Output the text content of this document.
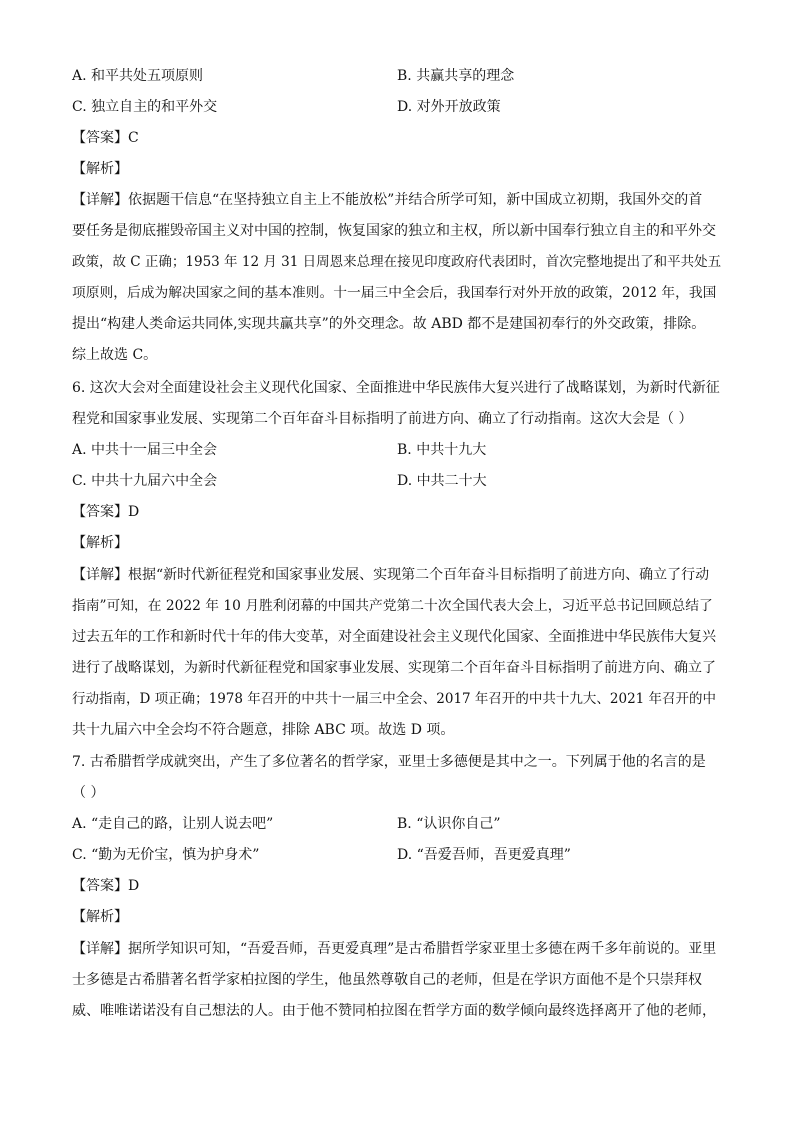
A. 和平共处五项原则	B. 共赢共享的理念
C. 独立自主的和平外交	D. 对外开放政策
【答案】C
【解析】
【详解】依据题干信息“在坚持独立自主上不能放松”并结合所学可知，新中国成立初期，我国外交的首
要任务是彻底摧毁帝国主义对中国的控制，恢复国家的独立和主权，所以新中国奉行独立自主的和平外交
政策，故 C 正确；1953 年 12 月 31 日周恩来总理在接见印度政府代表团时，首次完整地提出了和平共处五
项原则，后成为解决国家之间的基本准则。十一届三中全会后，我国奉行对外开放的政策，2012 年，我国
提出“构建人类命运共同体,实现共赢共享”的外交理念。故 ABD 都不是建国初奉行的外交政策，排除。
综上故选 C。
6. 这次大会对全面建设社会主义现代化国家、全面推进中华民族伟大复兴进行了战略谋划，为新时代新征
程党和国家事业发展、实现第二个百年奋斗目标指明了前进方向、确立了行动指南。这次大会是（ ）
A. 中共十一届三中全会	B. 中共十九大
C. 中共十九届六中全会	D. 中共二十大
【答案】D
【解析】
【详解】根据“新时代新征程党和国家事业发展、实现第二个百年奋斗目标指明了前进方向、确立了行动
指南”可知，在 2022 年 10 月胜利闭幕的中国共产党第二十次全国代表大会上，习近平总书记回顾总结了
过去五年的工作和新时代十年的伟大变革，对全面建设社会主义现代化国家、全面推进中华民族伟大复兴
进行了战略谋划，为新时代新征程党和国家事业发展、实现第二个百年奋斗目标指明了前进方向、确立了
行动指南，D 项正确；1978 年召开的中共十一届三中全会、2017 年召开的中共十九大、2021 年召开的中
共十九届六中全会均不符合题意，排除 ABC 项。故选 D 项。
7. 古希腊哲学成就突出，产生了多位著名的哲学家，亚里士多德便是其中之一。下列属于他的名言的是
（ ）
A. “走自己的路，让别人说去吧”	B. “认识你自己”
C. “勤为无价宝，慎为护身术”	D. “吾爱吾师，吾更爱真理”
【答案】D
【解析】
【详解】据所学知识可知，“吾爱吾师，吾更爱真理”是古希腊哲学家亚里士多德在两千多年前说的。亚里
士多德是古希腊著名哲学家柏拉图的学生，他虽然尊敬自己的老师，但是在学识方面他不是个只崇拜权
威、唯唯诺诺没有自己想法的人。由于他不赞同柏拉图在哲学方面的数学倾向最终选择离开了他的老师，
